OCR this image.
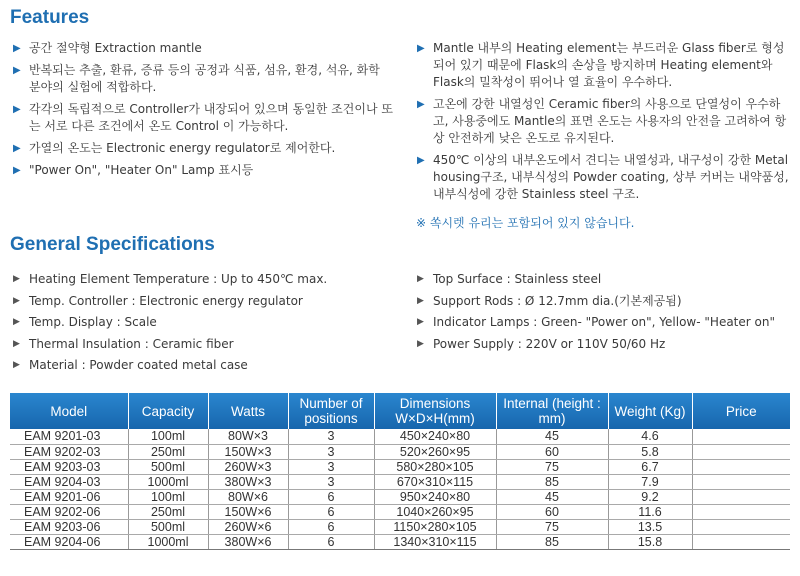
Features
▶ 공간 절약형 Extraction mantle
▶ 반복되는 추출, 환류, 증류 등의 공정과 식품, 섬유, 환경, 석유, 화학 분야의 실험에 적합하다.
▶ 각각의 독립적으로 Controller가 내장되어 있으며 동일한 조건이나 또는 서로 다른 조건에서 온도 Control 이 가능하다.
▶ 가열의 온도는 Electronic energy regulator로 제어한다.
▶ "Power On", "Heater On" Lamp 표시등
▶ Mantle 내부의 Heating element는 부드러운 Glass fiber로 형성되어 있기 때문에 Flask의 손상을 방지하며 Heating element와 Flask의 밀착성이 뛰어나 열 효율이 우수하다.
▶ 고온에 강한 내열성인 Ceramic fiber의 사용으로 단열성이 우수하고, 사용중에도 Mantle의 표면 온도는 사용자의 안전을 고려하여 항상 안전하게 낮은 온도로 유지된다.
▶ 450℃ 이상의 내부온도에서 견디는 내열성과, 내구성이 강한 Metal housing구조, 내부식성의 Powder coating, 상부 커버는 내약품성, 내부식성에 강한 Stainless steel 구조.
※ 쏙시렛 유리는 포함되어 있지 않습니다.
General Specifications
▶ Heating Element Temperature : Up to 450℃ max.
▶ Temp. Controller : Electronic energy regulator
▶ Temp. Display : Scale
▶ Thermal Insulation : Ceramic fiber
▶ Material : Powder coated metal case
▶ Top Surface : Stainless steel
▶ Support Rods : Ø 12.7mm dia.(기본제공됨)
▶ Indicator Lamps : Green- "Power on", Yellow- "Heater on"
▶ Power Supply : 220V or 110V 50/60 Hz
Model	Capacity	Watts	Number of positions	Dimensions W×D×H(mm)	Internal (height : mm)	Weight (Kg)	Price
EAM 9201-03	100ml	80W×3	3	450×240×80	45	4.6	
EAM 9202-03	250ml	150W×3	3	520×260×95	60	5.8	
EAM 9203-03	500ml	260W×3	3	580×280×105	75	6.7	
EAM 9204-03	1000ml	380W×3	3	670×310×115	85	7.9	
EAM 9201-06	100ml	80W×6	6	950×240×80	45	9.2	
EAM 9202-06	250ml	150W×6	6	1040×260×95	60	11.6	
EAM 9203-06	500ml	260W×6	6	1150×280×105	75	13.5	
EAM 9204-06	1000ml	380W×6	6	1340×310×115	85	15.8	
